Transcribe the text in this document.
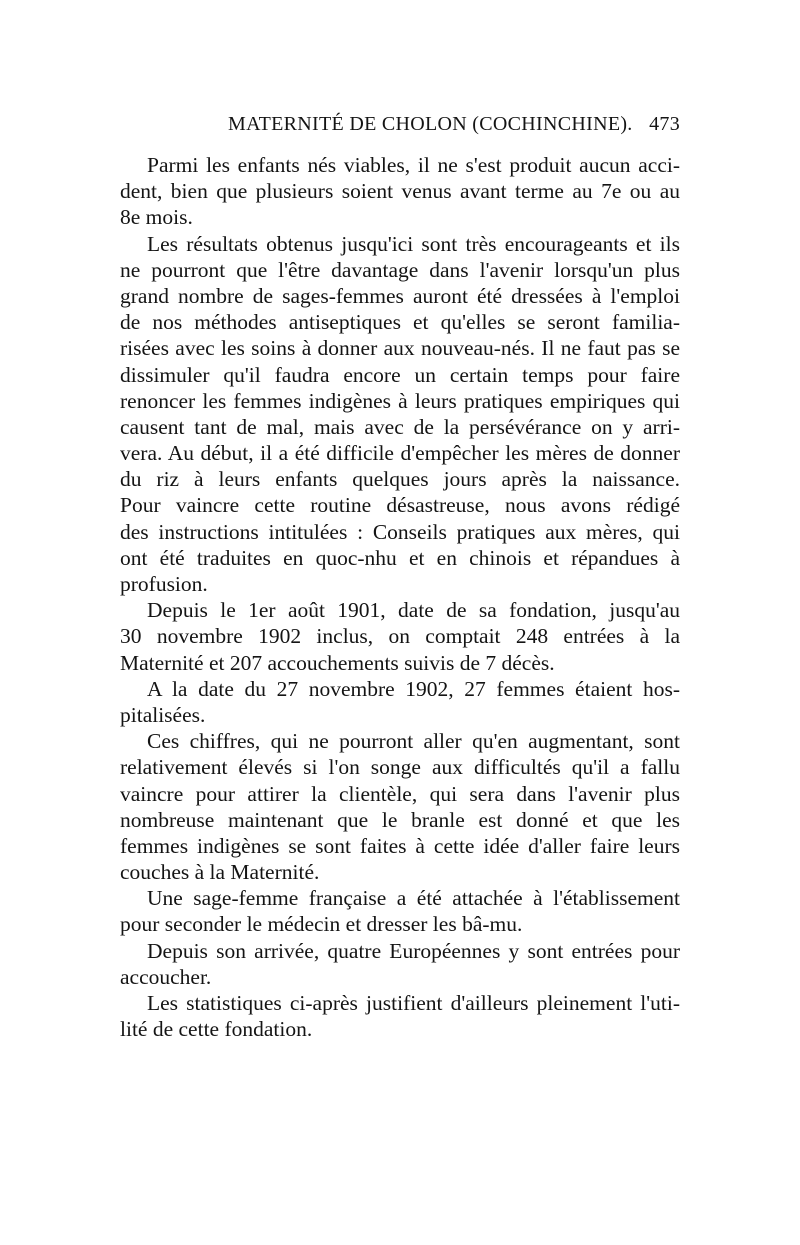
MATERNITÉ DE CHOLON (COCHINCHINE). 473
Parmi les enfants nés viables, il ne s'est produit aucun acci-
dent, bien que plusieurs soient venus avant terme au 7e ou au
8e mois.
Les résultats obtenus jusqu'ici sont très encourageants et ils
ne pourront que l'être davantage dans l'avenir lorsqu'un plus
grand nombre de sages-femmes auront été dressées à l'emploi
de nos méthodes antiseptiques et qu'elles se seront familia-
risées avec les soins à donner aux nouveau-nés. Il ne faut pas se
dissimuler qu'il faudra encore un certain temps pour faire
renoncer les femmes indigènes à leurs pratiques empiriques qui
causent tant de mal, mais avec de la persévérance on y arri-
vera. Au début, il a été difficile d'empêcher les mères de donner
du riz à leurs enfants quelques jours après la naissance.
Pour vaincre cette routine désastreuse, nous avons rédigé
des instructions intitulées : Conseils pratiques aux mères, qui
ont été traduites en quoc-nhu et en chinois et répandues à
profusion.
Depuis le 1er août 1901, date de sa fondation, jusqu'au
30 novembre 1902 inclus, on comptait 248 entrées à la
Maternité et 207 accouchements suivis de 7 décès.
A la date du 27 novembre 1902, 27 femmes étaient hos-
pitalisées.
Ces chiffres, qui ne pourront aller qu'en augmentant, sont
relativement élevés si l'on songe aux difficultés qu'il a fallu
vaincre pour attirer la clientèle, qui sera dans l'avenir plus
nombreuse maintenant que le branle est donné et que les
femmes indigènes se sont faites à cette idée d'aller faire leurs
couches à la Maternité.
Une sage-femme française a été attachée à l'établissement
pour seconder le médecin et dresser les bâ-mu.
Depuis son arrivée, quatre Européennes y sont entrées pour
accoucher.
Les statistiques ci-après justifient d'ailleurs pleinement l'uti-
lité de cette fondation.
